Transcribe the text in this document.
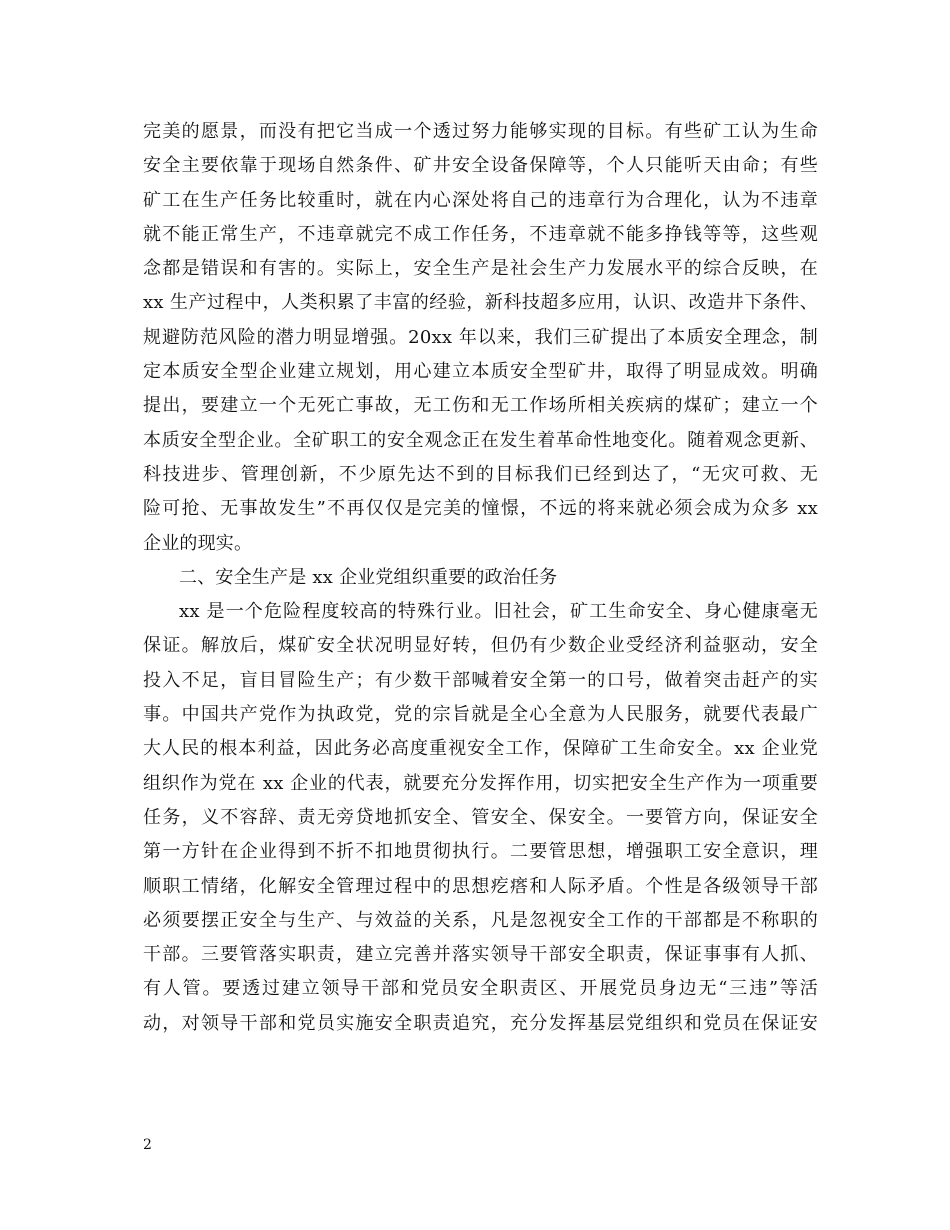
完美的愿景，而没有把它当成一个透过努力能够实现的目标。有些矿工认为生命
安全主要依靠于现场自然条件、矿井安全设备保障等，个人只能听天由命；有些
矿工在生产任务比较重时，就在内心深处将自己的违章行为合理化，认为不违章
就不能正常生产，不违章就完不成工作任务，不违章就不能多挣钱等等，这些观
念都是错误和有害的。实际上，安全生产是社会生产力发展水平的综合反映，在
xx 生产过程中，人类积累了丰富的经验，新科技超多应用，认识、改造井下条件、
规避防范风险的潜力明显增强。20xx 年以来，我们三矿提出了本质安全理念，制
定本质安全型企业建立规划，用心建立本质安全型矿井，取得了明显成效。明确
提出，要建立一个无死亡事故，无工伤和无工作场所相关疾病的煤矿；建立一个
本质安全型企业。全矿职工的安全观念正在发生着革命性地变化。随着观念更新、
科技进步、管理创新，不少原先达不到的目标我们已经到达了，“无灾可救、无
险可抢、无事故发生”不再仅仅是完美的憧憬，不远的将来就必须会成为众多 xx
企业的现实。
二、安全生产是 xx 企业党组织重要的政治任务
xx 是一个危险程度较高的特殊行业。旧社会，矿工生命安全、身心健康毫无
保证。解放后，煤矿安全状况明显好转，但仍有少数企业受经济利益驱动，安全
投入不足，盲目冒险生产；有少数干部喊着安全第一的口号，做着突击赶产的实
事。中国共产党作为执政党，党的宗旨就是全心全意为人民服务，就要代表最广
大人民的根本利益，因此务必高度重视安全工作，保障矿工生命安全。xx 企业党
组织作为党在 xx 企业的代表，就要充分发挥作用，切实把安全生产作为一项重要
任务，义不容辞、责无旁贷地抓安全、管安全、保安全。一要管方向，保证安全
第一方针在企业得到不折不扣地贯彻执行。二要管思想，增强职工安全意识，理
顺职工情绪，化解安全管理过程中的思想疙瘩和人际矛盾。个性是各级领导干部
必须要摆正安全与生产、与效益的关系，凡是忽视安全工作的干部都是不称职的
干部。三要管落实职责，建立完善并落实领导干部安全职责，保证事事有人抓、
有人管。要透过建立领导干部和党员安全职责区、开展党员身边无“三违”等活
动，对领导干部和党员实施安全职责追究，充分发挥基层党组织和党员在保证安
2
